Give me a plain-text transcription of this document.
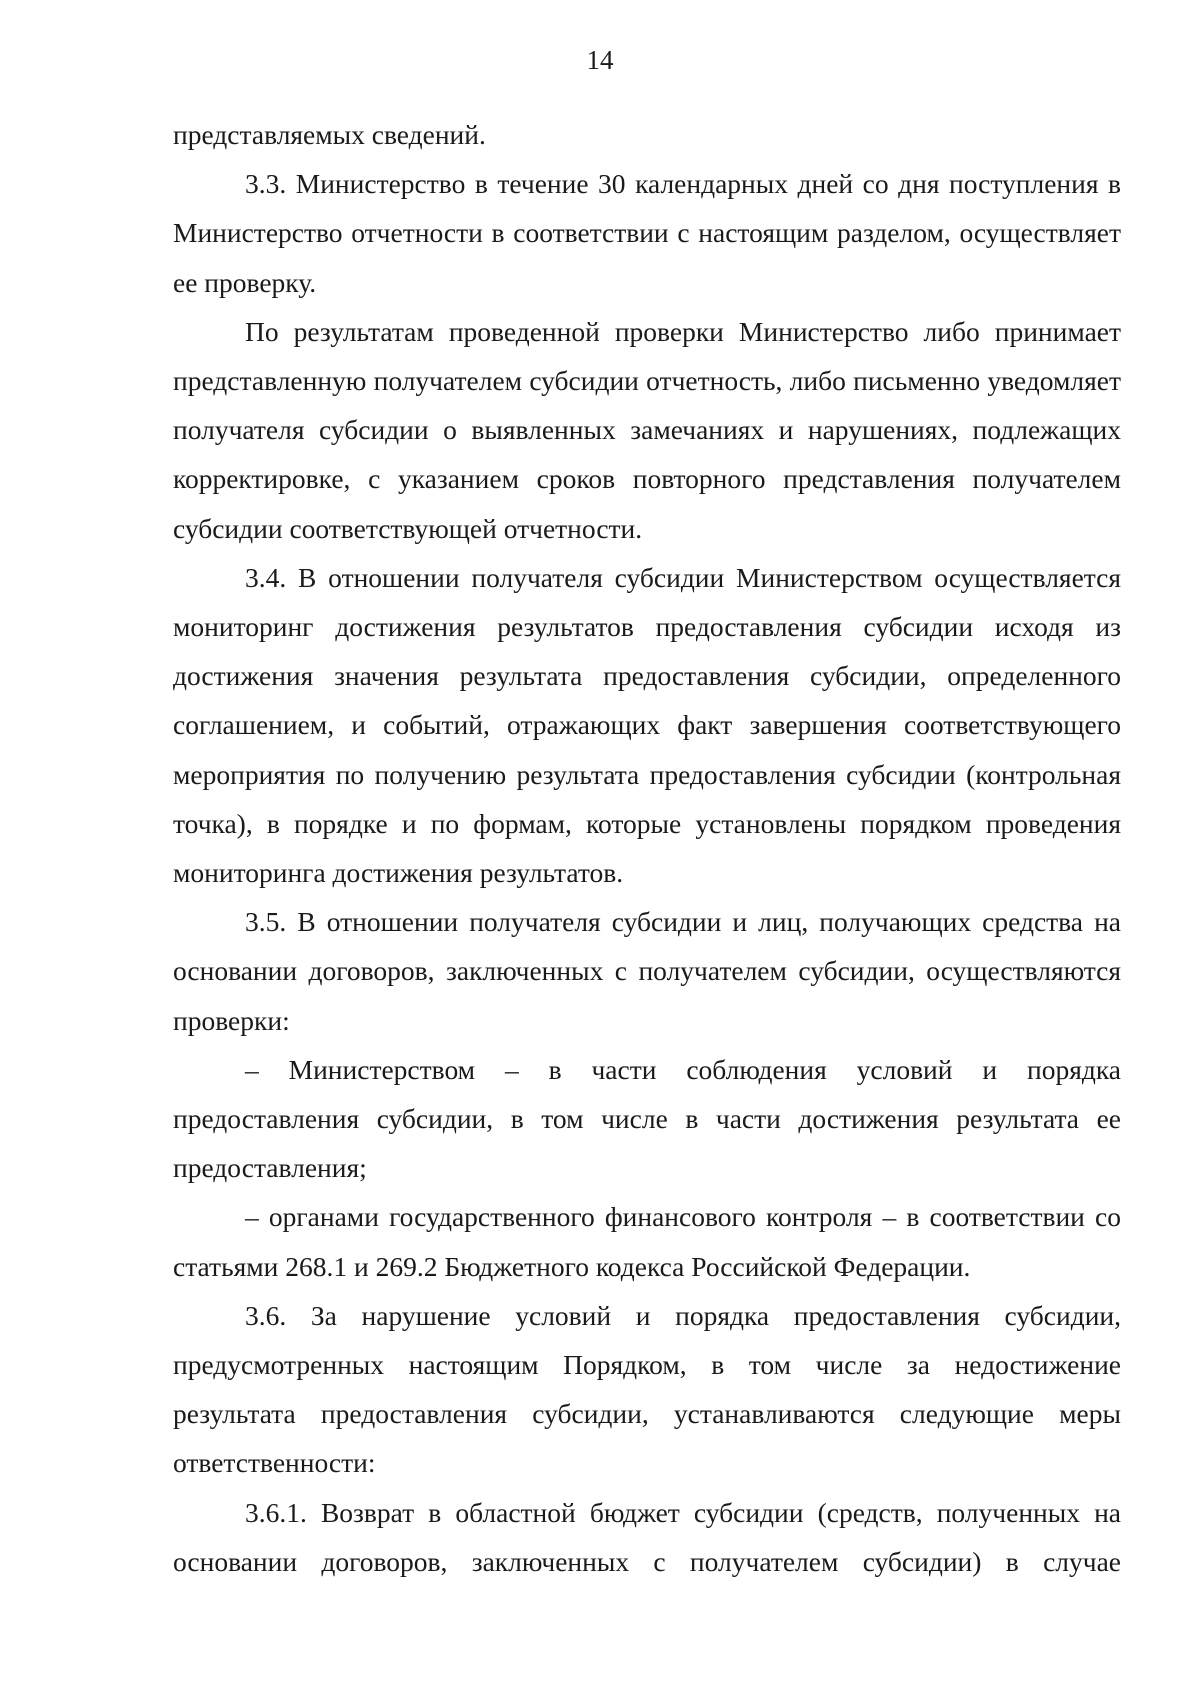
14

представляемых сведений.

3.3. Министерство в течение 30 календарных дней со дня поступления в Министерство отчетности в соответствии с настоящим разделом, осуществляет ее проверку.

По результатам проведенной проверки Министерство либо принимает представленную получателем субсидии отчетность, либо письменно уведомляет получателя субсидии о выявленных замечаниях и нарушениях, подлежащих корректировке, с указанием сроков повторного представления получателем субсидии соответствующей отчетности.

3.4. В отношении получателя субсидии Министерством осуществляется мониторинг достижения результатов предоставления субсидии исходя из достижения значения результата предоставления субсидии, определенного соглашением, и событий, отражающих факт завершения соответствующего мероприятия по получению результата предоставления субсидии (контрольная точка), в порядке и по формам, которые установлены порядком проведения мониторинга достижения результатов.

3.5. В отношении получателя субсидии и лиц, получающих средства на основании договоров, заключенных с получателем субсидии, осуществляются проверки:

– Министерством – в части соблюдения условий и порядка предоставления субсидии, в том числе в части достижения результата ее предоставления;

– органами государственного финансового контроля – в соответствии со статьями 268.1 и 269.2 Бюджетного кодекса Российской Федерации.

3.6. За нарушение условий и порядка предоставления субсидии, предусмотренных настоящим Порядком, в том числе за недостижение результата предоставления субсидии, устанавливаются следующие меры ответственности:

3.6.1. Возврат в областной бюджет субсидии (средств, полученных на основании договоров, заключенных с получателем субсидии) в случае
